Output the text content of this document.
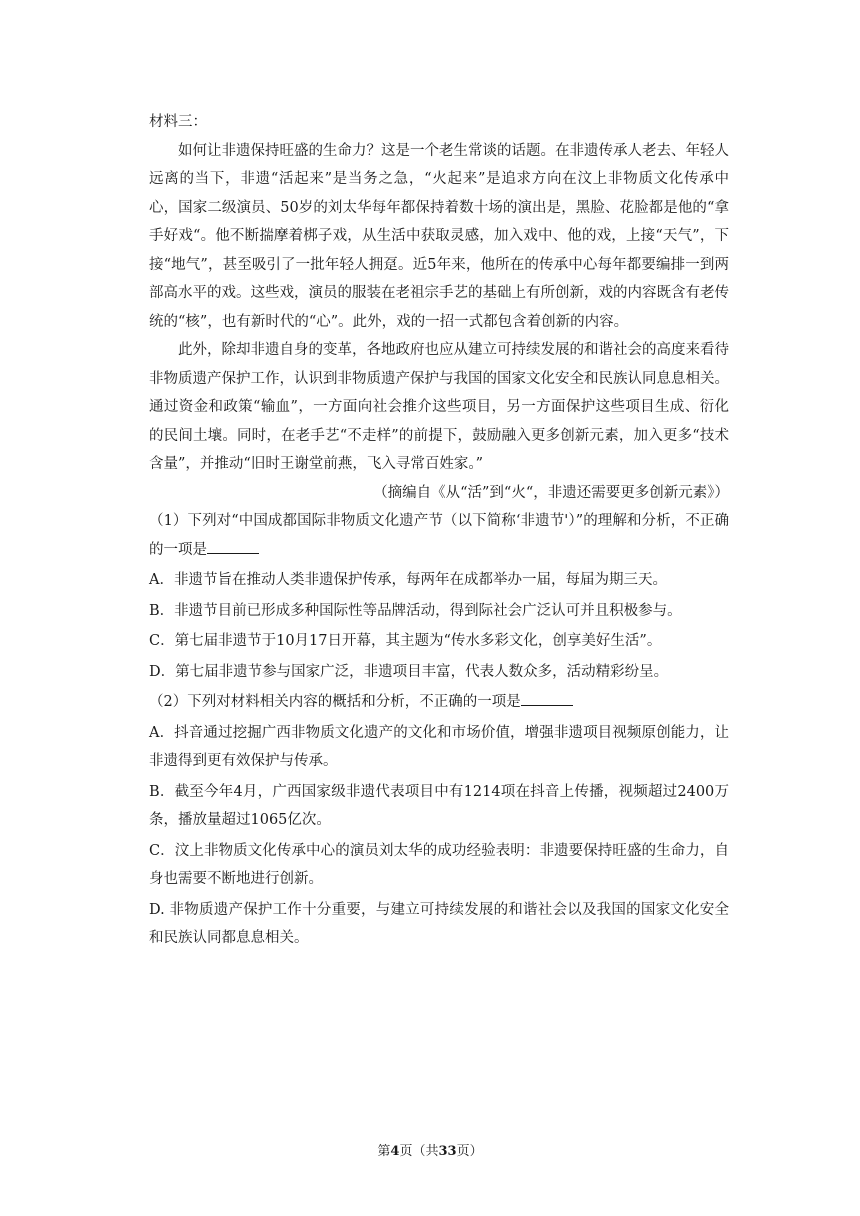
材料三：

如何让非遗保持旺盛的生命力？这是一个老生常谈的话题。在非遗传承人老去、年轻人远离的当下，非遗“活起来”是当务之急，“火起来”是追求方向在汶上非物质文化传承中心，国家二级演员、50岁的刘太华每年都保持着数十场的演出是，黑脸、花脸都是他的“拿手好戏“。他不断揣摩着梆子戏，从生活中获取灵感，加入戏中、他的戏，上接“天气”，下接“地气”，甚至吸引了一批年轻人拥趸。近5年来，他所在的传承中心每年都要编排一到两部高水平的戏。这些戏，演员的服装在老祖宗手艺的基础上有所创新，戏的内容既含有老传统的“核”，也有新时代的“心”。此外，戏的一招一式都包含着创新的内容。

此外，除却非遗自身的变革，各地政府也应从建立可持续发展的和谐社会的高度来看待非物质遗产保护工作，认识到非物质遗产保护与我国的国家文化安全和民族认同息息相关。通过资金和政策“输血”，一方面向社会推介这些项目，另一方面保护这些项目生成、衍化的民间土壤。同时，在老手艺“不走样”的前提下，鼓励融入更多创新元素，加入更多“技术含量”，并推动“旧时王谢堂前燕，飞入寻常百姓家。”

（摘编自《从“活”到“火“，非遗还需要更多创新元素》）

（1）下列对“中国成都国际非物质文化遗产节（以下简称‘非遗节'）”的理解和分析，不正确的一项是

A．非遗节旨在推动人类非遗保护传承，每两年在成都举办一届，每届为期三天。

B．非遗节目前已形成多种国际性等品牌活动，得到际社会广泛认可并且积极参与。

C．第七届非遗节于10月17日开幕，其主题为“传水多彩文化，创享美好生活”。

D．第七届非遗节参与国家广泛，非遗项目丰富，代表人数众多，活动精彩纷呈。

（2）下列对材料相关内容的概括和分析，不正确的一项是

A．抖音通过挖掘广西非物质文化遗产的文化和市场价值，增强非遗项目视频原创能力，让非遗得到更有效保护与传承。

B．截至今年4月，广西国家级非遗代表项目中有1214项在抖音上传播，视频超过2400万条，播放量超过1065亿次。

C．汶上非物质文化传承中心的演员刘太华的成功经验表明：非遗要保持旺盛的生命力，自身也需要不断地进行创新。

D. 非物质遗产保护工作十分重要，与建立可持续发展的和谐社会以及我国的国家文化安全和民族认同都息息相关。

第4页（共33页）
